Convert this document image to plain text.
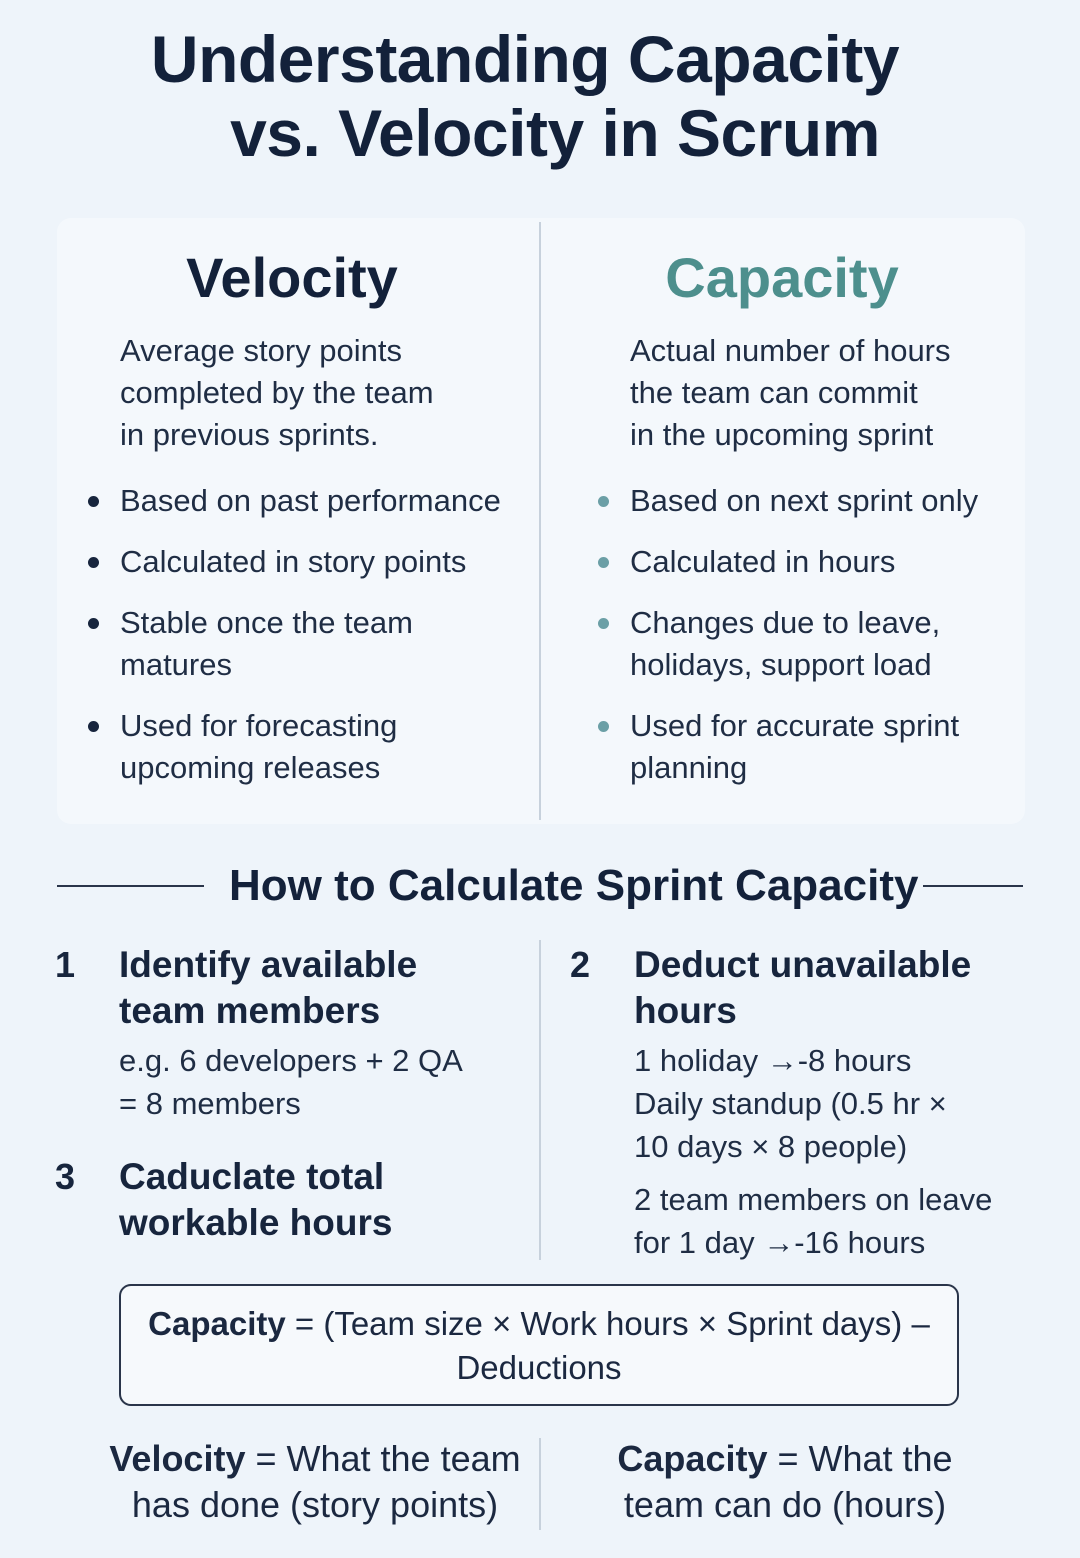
Understanding Capacity
vs. Velocity in Scrum
Velocity

Average story points
completed by the team
in previous sprints.

Based on past performance
Calculated in story points
Stable once the team
matures
Used for forecasting
upcoming releases
Capacity

Actual number of hours
the team can commit
in the upcoming sprint

Based on next sprint only
Calculated in hours
Changes due to leave,
holidays, support load
Used for accurate sprint
planning
How to Calculate Sprint Capacity
1 Identify available
team members
e.g. 6 developers + 2 QA
= 8 members
3 Caduclate total
workable hours
2 Deduct unavailable
hours
1 holiday →-8 hours
Daily standup (0.5 hr ×
10 days × 8 people)
2 team members on leave
for 1 day →-16 hours
Capacity = (Team size × Work hours × Sprint days) –
Deductions
Velocity = What the team
has done (story points)
Capacity = What the
team can do (hours)
